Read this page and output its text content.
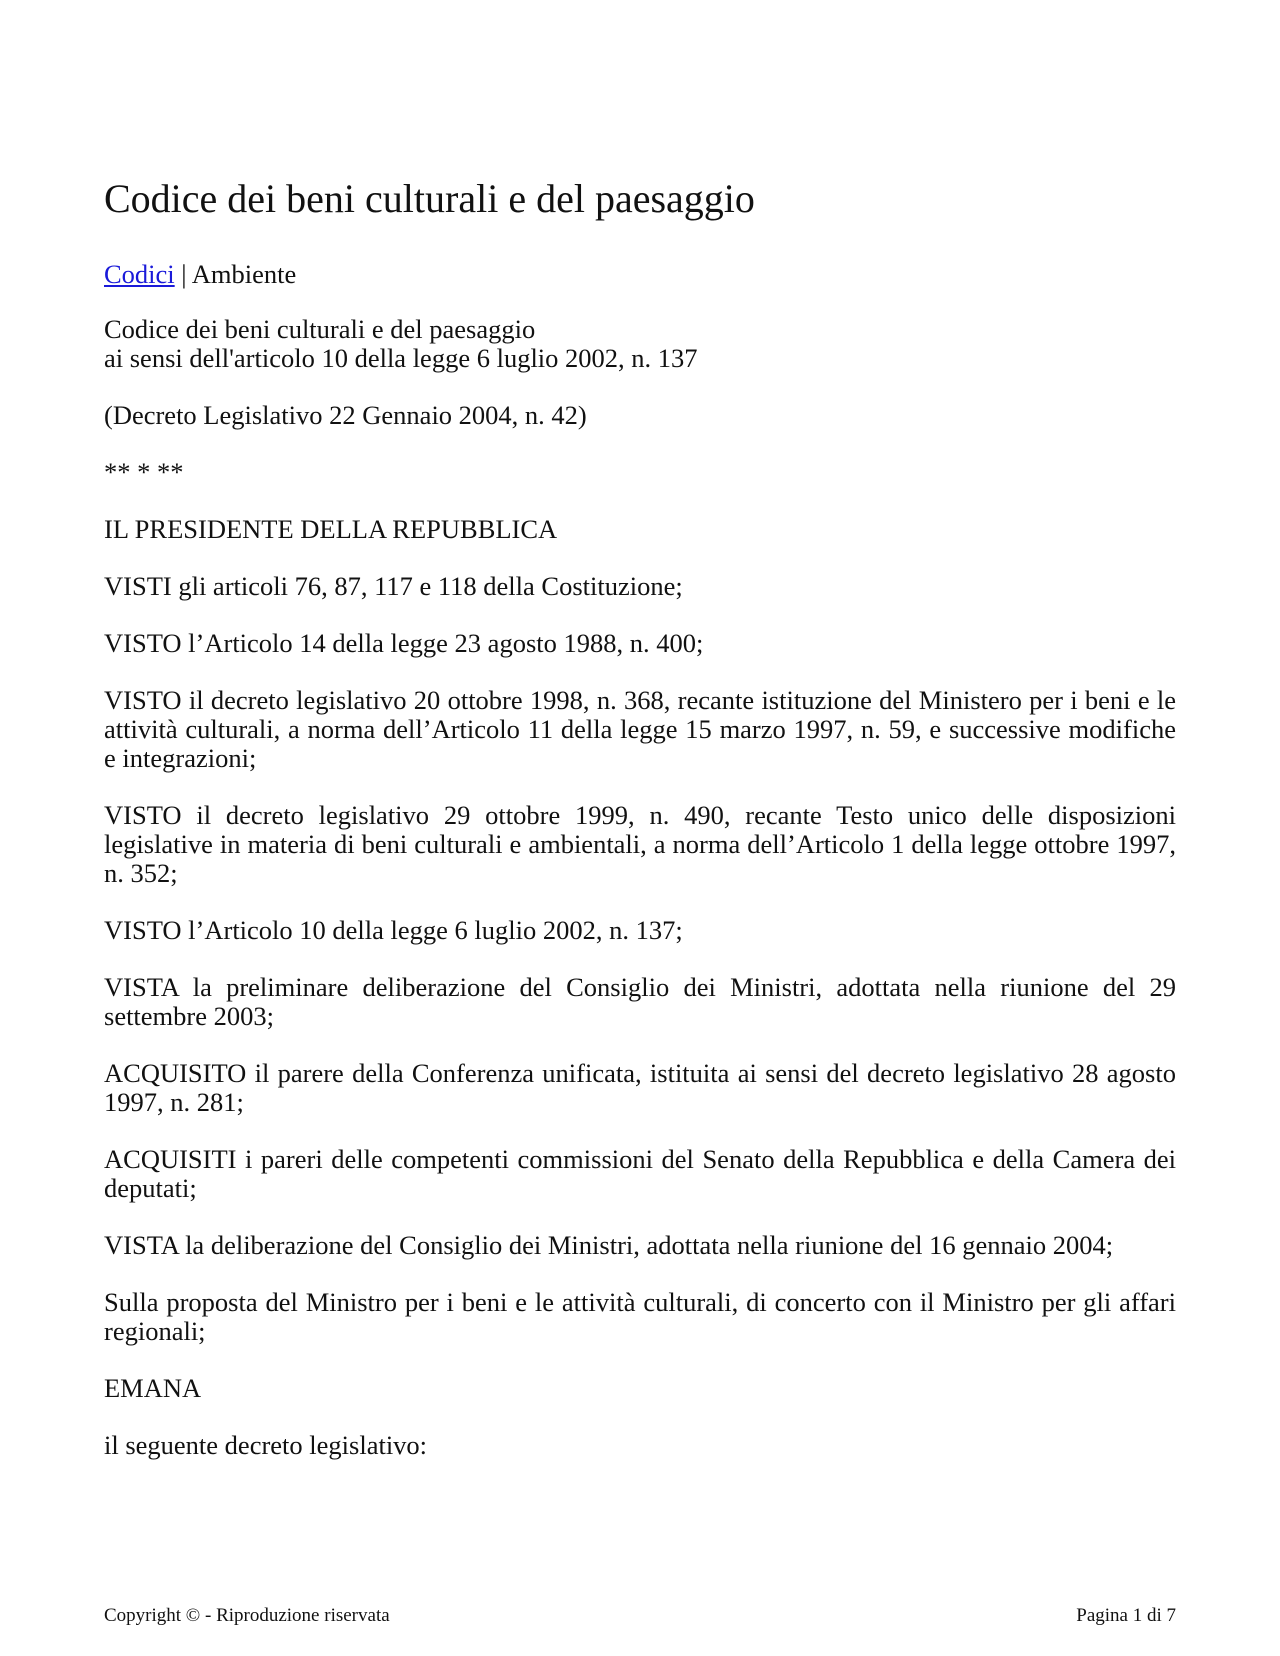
Codice dei beni culturali e del paesaggio
Codici | Ambiente
Codice dei beni culturali e del paesaggio
ai sensi dell'articolo 10 della legge 6 luglio 2002, n. 137
(Decreto Legislativo 22 Gennaio 2004, n. 42)
** * **
IL PRESIDENTE DELLA REPUBBLICA
VISTI gli articoli 76, 87, 117 e 118 della Costituzione;
VISTO l’Articolo 14 della legge 23 agosto 1988, n. 400;
VISTO il decreto legislativo 20 ottobre 1998, n. 368, recante istituzione del Ministero per i beni e le attività culturali, a norma dell’Articolo 11 della legge 15 marzo 1997, n. 59, e successive modifiche e integrazioni;
VISTO il decreto legislativo 29 ottobre 1999, n. 490, recante Testo unico delle disposizioni legislative in materia di beni culturali e ambientali, a norma dell’Articolo 1 della legge ottobre 1997, n. 352;
VISTO l’Articolo 10 della legge 6 luglio 2002, n. 137;
VISTA la preliminare deliberazione del Consiglio dei Ministri, adottata nella riunione del 29 settembre 2003;
ACQUISITO il parere della Conferenza unificata, istituita ai sensi del decreto legislativo 28 agosto 1997, n. 281;
ACQUISITI i pareri delle competenti commissioni del Senato della Repubblica e della Camera dei deputati;
VISTA la deliberazione del Consiglio dei Ministri, adottata nella riunione del 16 gennaio 2004;
Sulla proposta del Ministro per i beni e le attività culturali, di concerto con il Ministro per gli affari regionali;
EMANA
il seguente decreto legislativo:
Copyright © - Riproduzione riservata	Pagina 1 di 7
